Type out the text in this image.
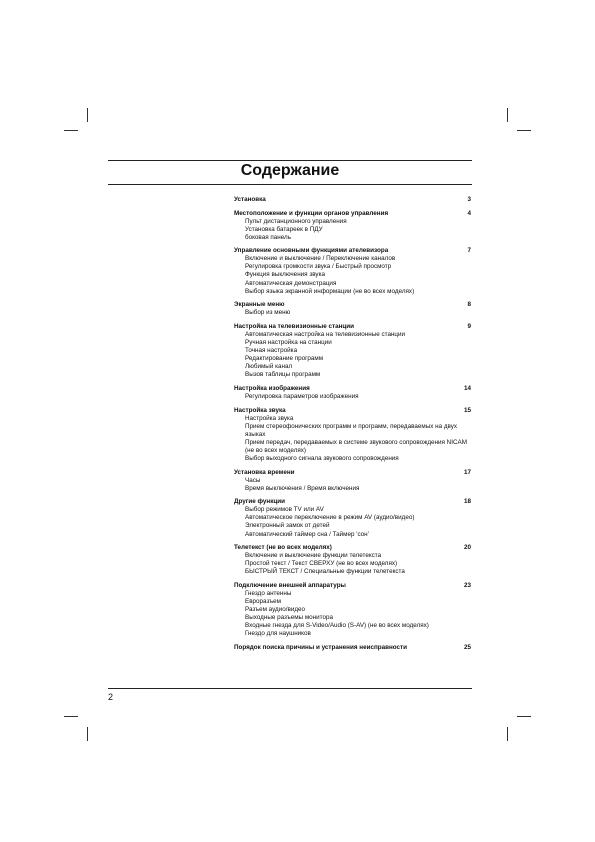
Содержание
Установка	3
Местоположение и функции органов управления	4
Пульт дистанционного управления
Установка батареек в ПДУ
боковая панель
Управление основными функциями ателевизора	7
Включение и выключение / Переключение каналов
Регулировка громкости звука / Быстрый просмотр
Функция выключения звука
Автоматическая демонстрация
Выбор языка экранной информации (не во всех моделях)
Экранные меню	8
Выбор из меню
Настройка на телевизионные станции	9
Автоматическая настройка на телевизионные станции
Ручная настройка на станции
Точная настройка
Редактирование программ
Любимый канал
Вызов таблицы программ
Настройка изображения	14
Регулировка параметров изображения
Настройка звука	15
Настройка звука
Прием стереофонических программ и программ, передаваемых на двух языках
Прием передач, передаваемых в системе звукового сопровождения NICAM (не во всех моделях)
Выбор выходного сигнала звукового сопровождения
Установка времени	17
Часы
Время выключения / Время включения
Другие функции	18
Выбор режимов TV или AV
Автоматическое переключение в режим AV (аудио/видео)
Электронный замок от детей
Автоматический таймер сна / Таймер 'сон'
Телетекст (не во всех моделях)	20
Включение и выключение функции телетекста
Простой текст / Текст СВЕРХУ (не во всех моделях)
БЫСТРЫЙ ТЕКСТ / Специальные функции телетекста
Подключение внешней аппаратуры	23
Гнездо антенны
Евроразъем
Разъем аудио/видео
Выходные разъемы монитора
Входные гнезда для S-Video/Audio (S-AV) (не во всех моделях)
Гнездо для наушников
Порядок поиска причины и устранения неисправности	25
2
